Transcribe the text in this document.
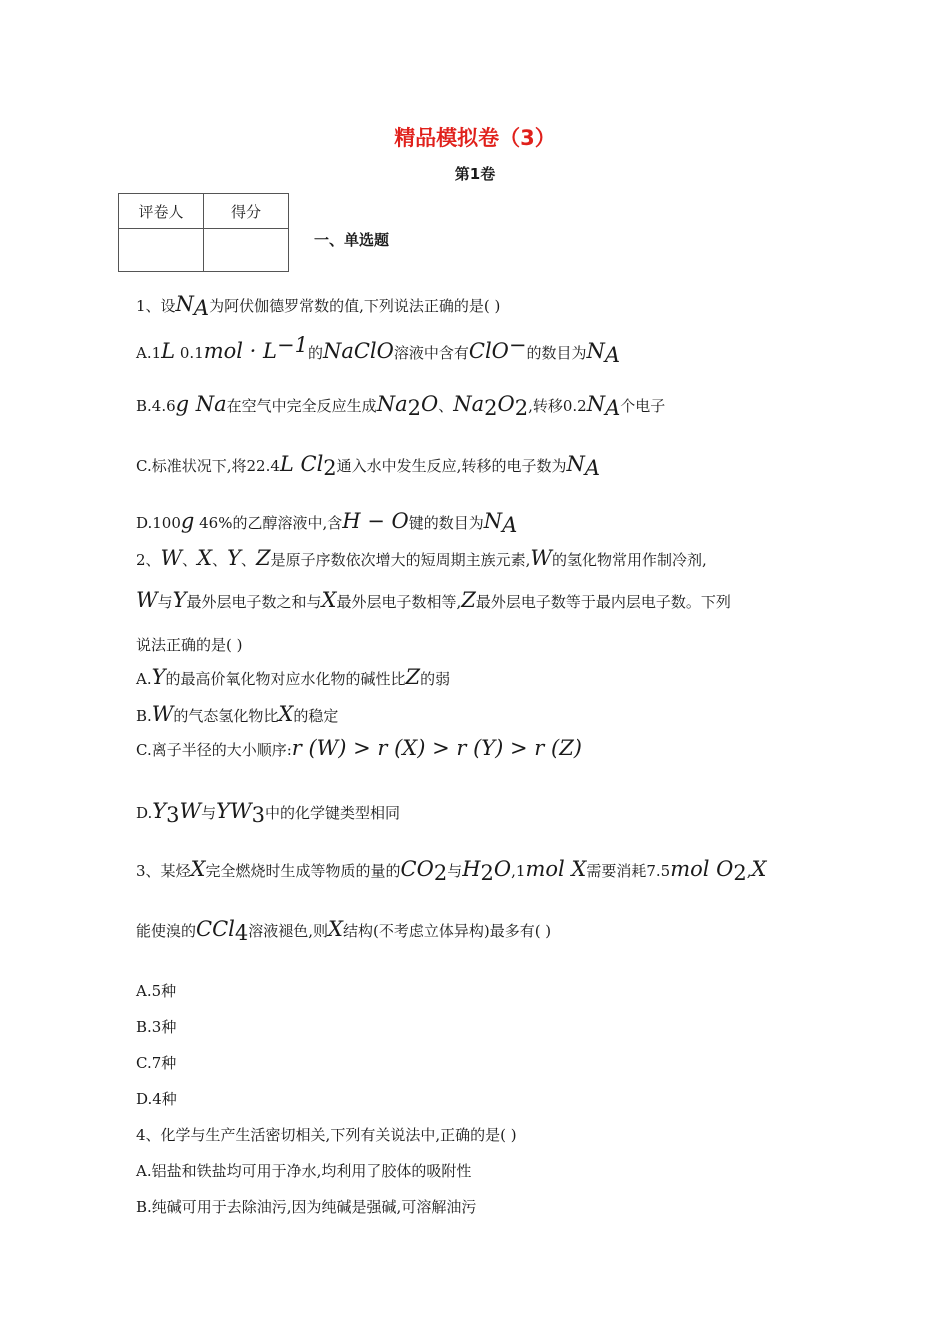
精品模拟卷（3）
第1卷
评卷人	得分

一、单选题
1、设$N_A$为阿伏伽德罗常数的值,下列说法正确的是( )
A.1L $0.1mol \cdot L^{-1}$的NaClO溶液中含有ClO−的数目为$N_A$
B.4.6g Na在空气中完全反应生成$Na_2O$、$Na_2O_2$,转移$0.2N_A$个电子
C.标准状况下,将22.4L $Cl_2$通入水中发生反应,转移的电子数为$N_A$
D.100g 46%的乙醇溶液中,含H − O键的数目为$N_A$
2、W、X、Y、Z是原子序数依次增大的短周期主族元素,W的氢化物常用作制冷剂,
W与Y最外层电子数之和与X最外层电子数相等,Z最外层电子数等于最内层电子数。下列
说法正确的是( )
A.Y的最高价氧化物对应水化物的碱性比Z的弱
B.W的气态氢化物比X的稳定
C.离子半径的大小顺序:r (W) > r (X) > r (Y) > r (Z)
$D.Y_3W$与$YW_3$中的化学键类型相同
3、某烃X完全燃烧时生成等物质的量的$CO_2$与$H_2O,1mol$ X需要消耗7.5mol $O_2,X$
能使溴的CCl$_4$溶液褪色,则X结构(不考虑立体异构)最多有( )
A.5种
B.3种
C.7种
D.4种
4、化学与生产生活密切相关,下列有关说法中,正确的是( )
A.铝盐和铁盐均可用于净水,均利用了胶体的吸附性
B.纯碱可用于去除油污,因为纯碱是强碱,可溶解油污
